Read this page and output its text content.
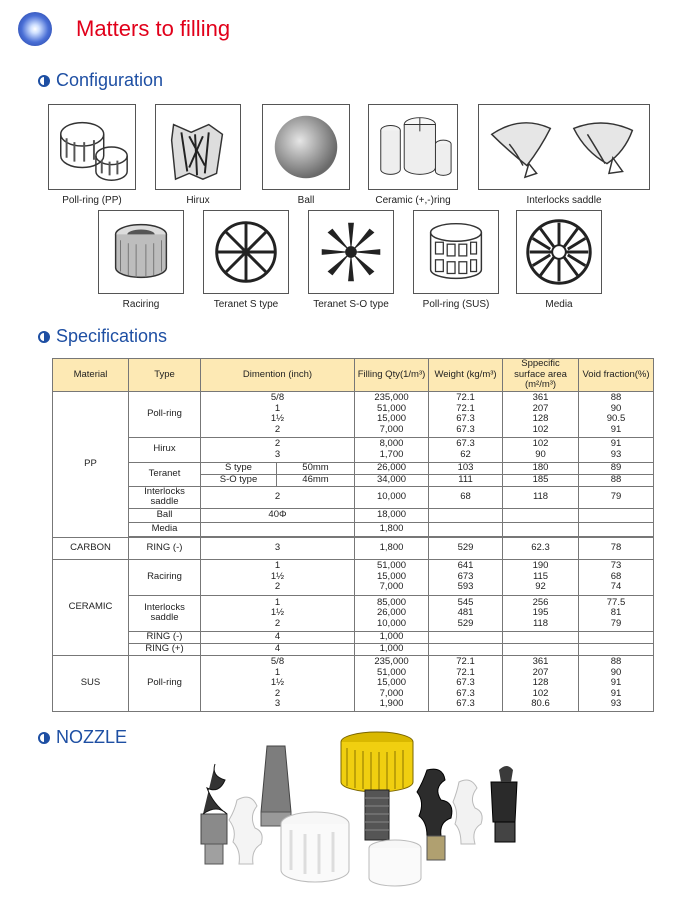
Matters to filling
Configuration
Poll-ring (PP)	Hirux	Ball	Ceramic (+,-)ring	Interlocks saddle
Raciring	Teranet S type	Teranet S-O type	Poll-ring (SUS)	Media
Specifications
Material	Type	Dimention (inch)		Filling Qty(1/m³)	Weight (kg/m³)	Sppecific surface area (m²/m³)	Void fraction(%)
PP	Poll-ring	5/8
1
1½
2		235,000
51,000
15,000
7,000	72.1
72.1
67.3
67.3	361
207
128
102	88
90
90.5
91
	Hirux	2
3		8,000
1,700	67.3
62	102
90	91
93
	Teranet	S type	50mm	26,000	103	180	89
		S-O type	46mm	34,000	111	185	88
	Interlocks saddle	2		10,000	68	118	79
	Ball	40Φ		18,000			
	Media			1,800			

CARBON	RING (-)	3		1,800	529	62.3	78
CERAMIC	Raciring	1
1½
2		51,000
15,000
7,000	641
673
593	190
115
92	73
68
74
	Interlocks saddle	1
1½
2		85,000
26,000
10,000	545
481
529	256
195
118	77.5
81
79
	RING (-)	4		1,000			
	RING (+)	4		1,000			
SUS	Poll-ring	5/8
1
1½
2
3		235,000
51,000
15,000
7,000
1,900	72.1
72.1
67.3
67.3
67.3	361
207
128
102
80.6	88
90
91
91
93
NOZZLE
